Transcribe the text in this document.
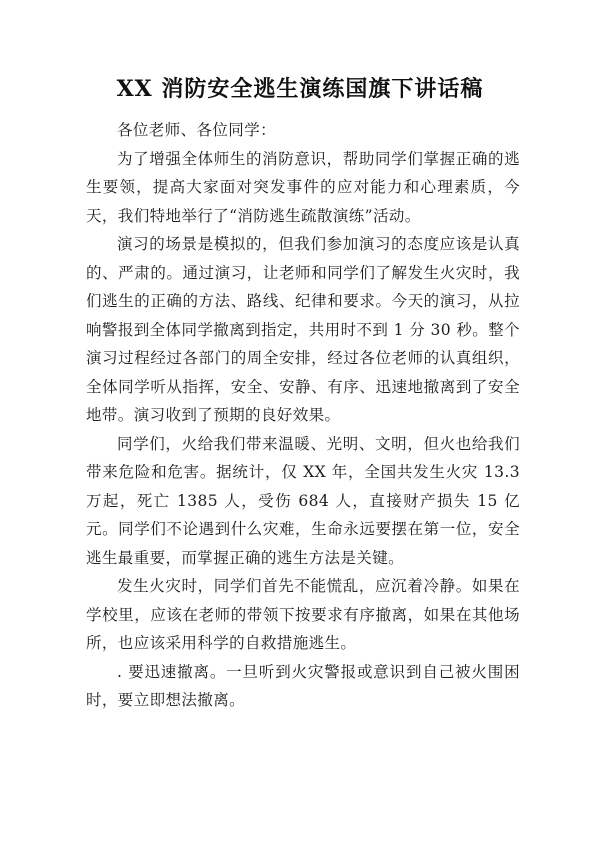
XX 消防安全逃生演练国旗下讲话稿

各位老师、各位同学：

为了增强全体师生的消防意识，帮助同学们掌握正确的逃生要领，提高大家面对突发事件的应对能力和心理素质，今天，我们特地举行了“消防逃生疏散演练”活动。

演习的场景是模拟的，但我们参加演习的态度应该是认真的、严肃的。通过演习，让老师和同学们了解发生火灾时，我们逃生的正确的方法、路线、纪律和要求。今天的演习，从拉响警报到全体同学撤离到指定，共用时不到 1 分 30 秒。整个演习过程经过各部门的周全安排，经过各位老师的认真组织，全体同学听从指挥，安全、安静、有序、迅速地撤离到了安全地带。演习收到了预期的良好效果。

同学们，火给我们带来温暖、光明、文明，但火也给我们带来危险和危害。据统计，仅 XX 年，全国共发生火灾 13.3 万起，死亡 1385 人，受伤 684 人，直接财产损失 15 亿元。同学们不论遇到什么灾难，生命永远要摆在第一位，安全逃生最重要，而掌握正确的逃生方法是关键。

发生火灾时，同学们首先不能慌乱，应沉着冷静。如果在学校里，应该在老师的带领下按要求有序撤离，如果在其他场所，也应该采用科学的自救措施逃生。

. 要迅速撤离。一旦听到火灾警报或意识到自己被火围困时，要立即想法撤离。
